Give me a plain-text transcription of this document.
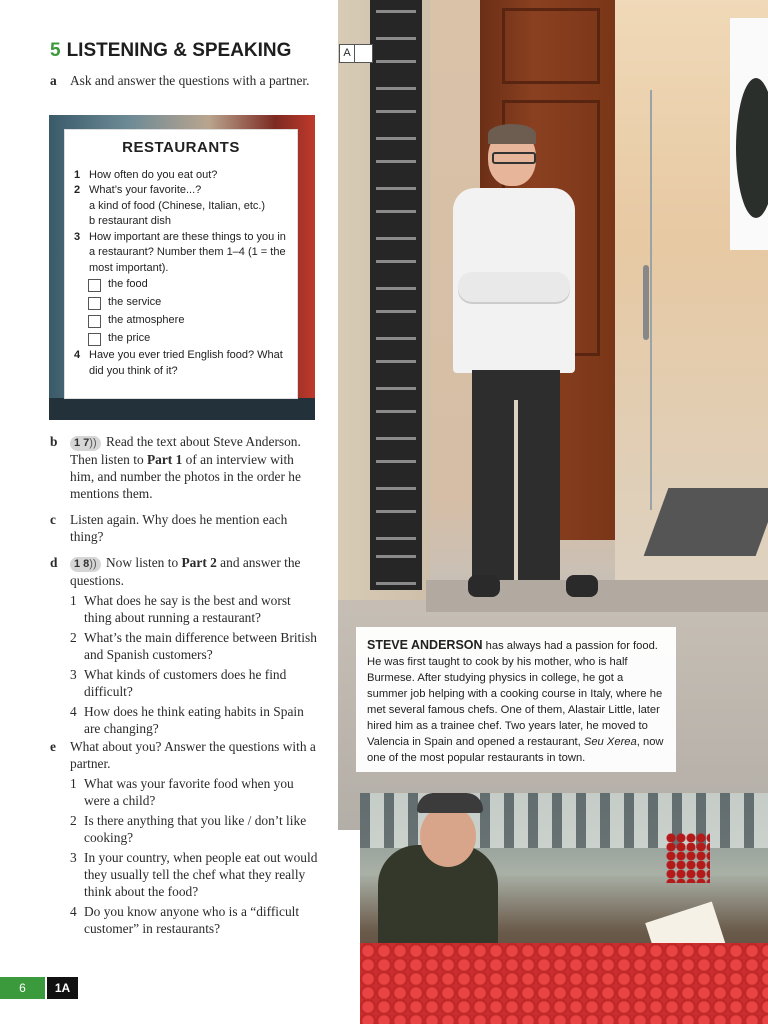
5 LISTENING & SPEAKING
a Ask and answer the questions with a partner.
RESTAURANTS
1 How often do you eat out?
2 What’s your favorite...?
a kind of food (Chinese, Italian, etc.)
b restaurant dish
3 How important are these things to you in a restaurant? Number them 1–4 (1 = the most important).
the food
the service
the atmosphere
the price
4 Have you ever tried English food? What did you think of it?
b	1 7)) Read the text about Steve Anderson. Then listen to Part 1 of an interview with him, and number the photos in the order he mentions them.
c Listen again. Why does he mention each thing?
d	1 8)) Now listen to Part 2 and answer the questions.
1 What does he say is the best and worst thing about running a restaurant?
2 What’s the main difference between British and Spanish customers?
3 What kinds of customers does he find difficult?
4 How does he think eating habits in Spain are changing?
e What about you? Answer the questions with a partner.
1 What was your favorite food when you were a child?
2 Is there anything that you like / don’t like cooking?
3 In your country, when people eat out would they usually tell the chef what they really think about the food?
4 Do you know anyone who is a “difficult customer” in restaurants?
6	1A
A
STEVE ANDERSON has always had a passion for food. He was first taught to cook by his mother, who is half Burmese. After studying physics in college, he got a summer job helping with a cooking course in Italy, where he met several famous chefs. One of them, Alastair Little, later hired him as a trainee chef. Two years later, he moved to Valencia in Spain and opened a restaurant, Seu Xerea, now one of the most popular restaurants in town.
